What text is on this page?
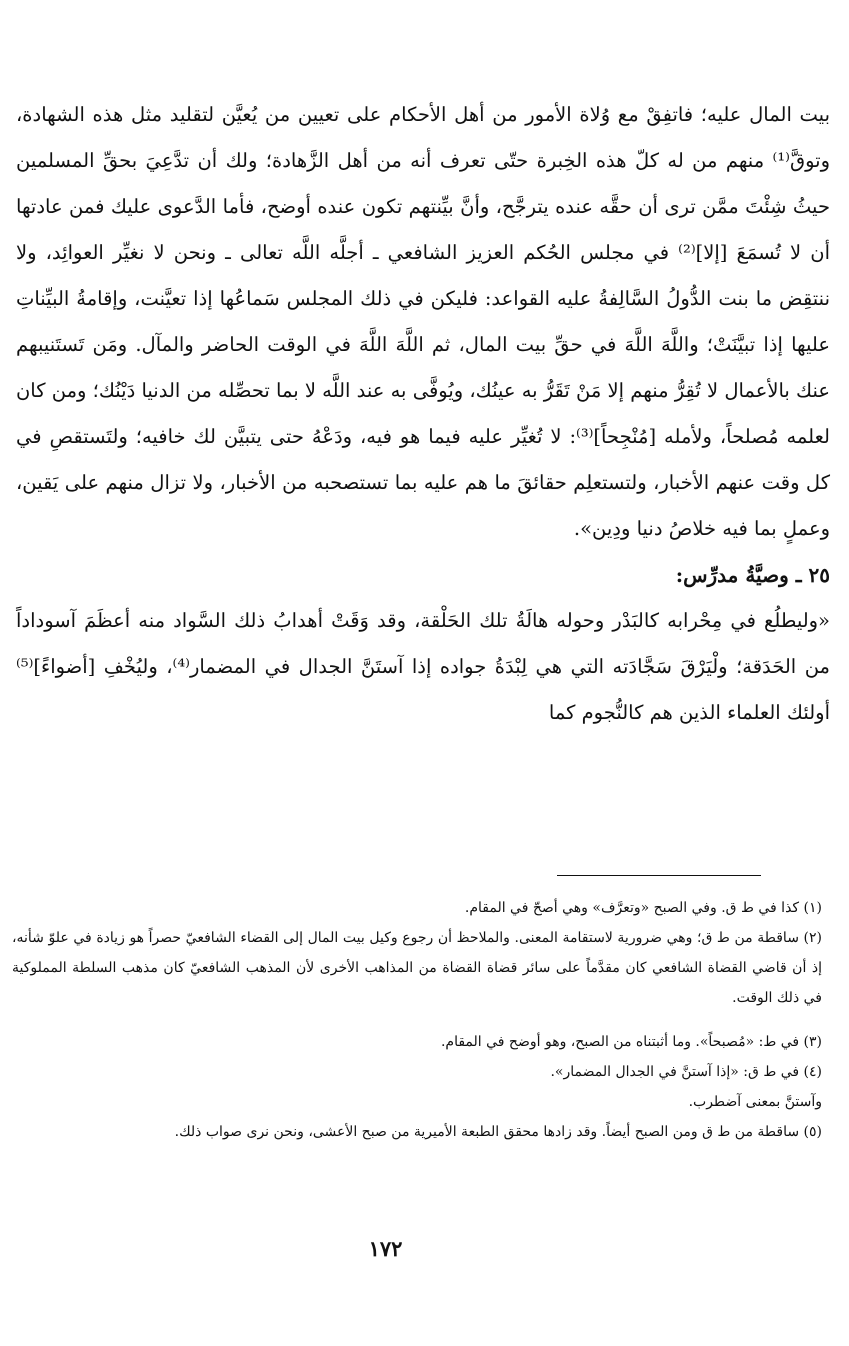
بيت المال عليه؛ فاتفِقْ مع وُلاة الأمور من أهل الأحكام على تعيين من يُعيَّن لتقليد مثل هذه الشهادة، وتوقَّ⁽¹⁾ منهم من له كلّ هذه الخِبرة حتّى تعرف أنه من أهل الزَّهادة؛ ولك أن تدَّعِيَ بحقِّ المسلمين حيثُ شِئْتَ ممَّن ترى أن حقَّه عنده يترجَّح، وأنَّ بيِّنتهم تكون عنده أوضح، فأما الدَّعوى عليك فمن عادتها أن لا تُسمَعَ [إلا]⁽²⁾ في مجلس الحُكم العزيز الشافعي ـ أجلَّه اللَّه تعالى ـ ونحن لا نغيِّر العوائِد، ولا ننتقِض ما بنت الدُّولُ السَّالِفةُ عليه القواعد: فليكن في ذلك المجلس سَماعُها إذا تعيَّنت، وإقامةُ البيِّناتِ عليها إذا تبيَّنَتْ؛ واللَّهَ اللَّهَ في حقِّ بيت المال، ثم اللَّهَ اللَّهَ في الوقت الحاضر والمآل. ومَن تَستَنيبهم عنك بالأعمال لا تُقِرُّ منهم إلا مَنْ تَقَرُّ به عينُك، ويُوفَّى به عند اللَّه لا بما تحصِّله من الدنيا دَيْنُك؛ ومن كان لعلمه مُصلحاً، ولأمله [مُنْجِحاً]⁽³⁾: لا تُغيِّر عليه فيما هو فيه، ودَعْهُ حتى يتبيَّن لك خافيه؛ ولتَستقصِ في كل وقت عنهم الأخبار، ولتستعلِم حقائقَ ما هم عليه بما تستصحبه من الأخبار، ولا تزال منهم على يَقين، وعملٍ بما فيه خلاصُ دنيا ودِين».

٢٥ ـ وصيَّةُ مدرِّس:

«وليطلُع في مِحْرابه كالبَدْر وحوله هالَةُ تلك الحَلْقة، وقد وَقَتْ أهدابُ ذلك السَّواد منه أعظَمَ آسوداداً من الحَدَقة؛ ولْيَرْقَ سَجَّادَته التي هي لِبْدَةُ جواده إذا آستَنَّ الجدال في المضمار⁽⁴⁾، وليُخْفِ [أضواءً]⁽⁵⁾ أولئك العلماء الذين هم كالنُّجوم كما

(١) كذا في ط ق. وفي الصبح «وتعرَّف» وهي أصحّ في المقام.

(٢) ساقطة من ط ق؛ وهي ضرورية لاستقامة المعنى. والملاحظ أن رجوع وكيل بيت المال إلى القضاء الشافعيّ حصراً هو زيادة في علوّ شأنه، إذ أن قاضي القضاة الشافعي كان مقدَّماً على سائر قضاة القضاة من المذاهب الأخرى لأن المذهب الشافعيّ كان مذهب السلطة المملوكية في ذلك الوقت.

(٣) في ط: «مُصبحاً». وما أثبتناه من الصبح، وهو أوضح في المقام.

(٤) في ط ق: «إذا آستنَّ في الجدال المضمار».

وآستنَّ بمعنى آضطرب.

(٥) ساقطة من ط ق ومن الصبح أيضاً. وقد زادها محقق الطبعة الأميرية من صبح الأعشى، ونحن نرى صواب ذلك.

١٧٢
